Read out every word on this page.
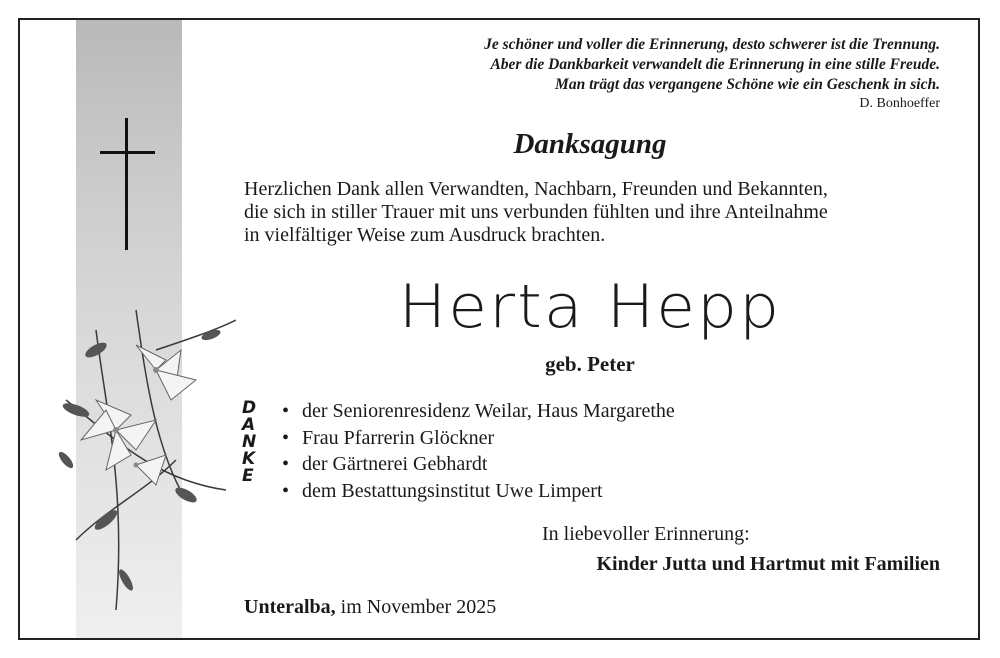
Je schöner und voller die Erinnerung, desto schwerer ist die Trennung.
Aber die Dankbarkeit verwandelt die Erinnerung in eine stille Freude.
Man trägt das vergangene Schöne wie ein Geschenk in sich.
D. Bonhoeffer
Danksagung
Herzlichen Dank allen Verwandten, Nachbarn, Freunden und Bekannten,
die sich in stiller Trauer mit uns verbunden fühlten und ihre Anteilnahme
in vielfältiger Weise zum Ausdruck brachten.
Herta Hepp
geb. Peter
D
A
N
K
E
• der Seniorenresidenz Weilar, Haus Margarethe
• Frau Pfarrerin Glöckner
• der Gärtnerei Gebhardt
• dem Bestattungsinstitut Uwe Limpert
In liebevoller Erinnerung:
Kinder Jutta und Hartmut mit Familien
Unteralba, im November 2025
